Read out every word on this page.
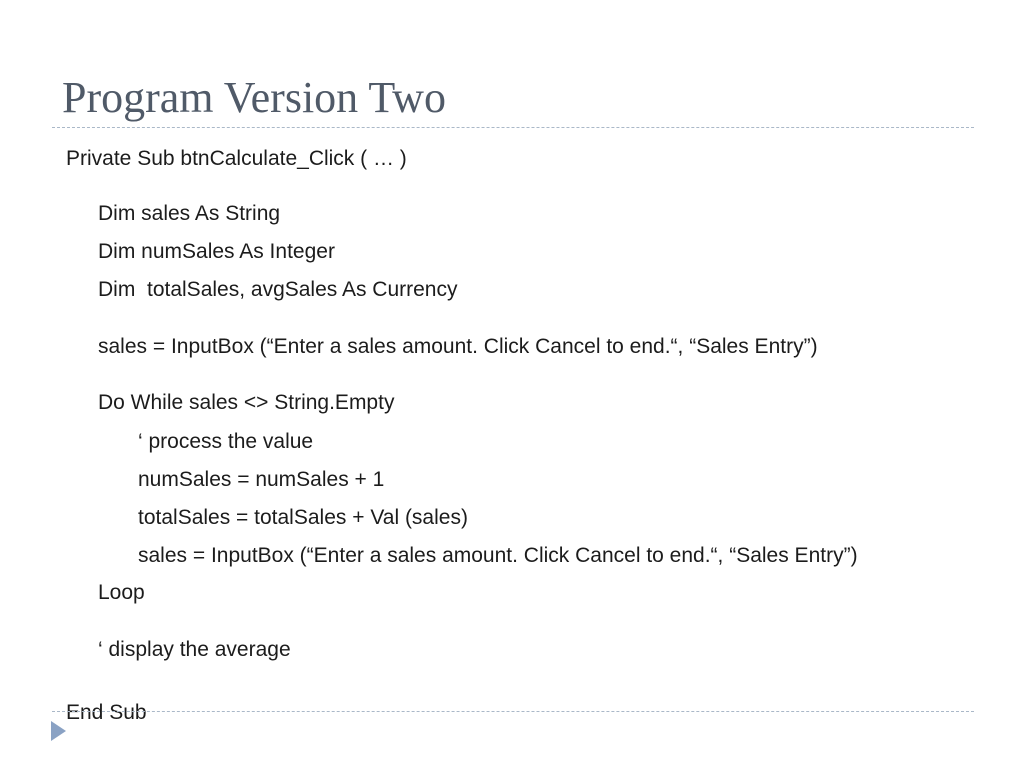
Program Version Two
Private Sub btnCalculate_Click ( … )
Dim sales As String
Dim numSales As Integer
Dim  totalSales, avgSales As Currency
sales = InputBox (“Enter a sales amount. Click Cancel to end.“, “Sales Entry”)
Do While sales <> String.Empty
‘ process the value
numSales = numSales + 1
totalSales = totalSales + Val (sales)
sales = InputBox (“Enter a sales amount. Click Cancel to end.“, “Sales Entry”)
Loop
‘ display the average
End Sub
